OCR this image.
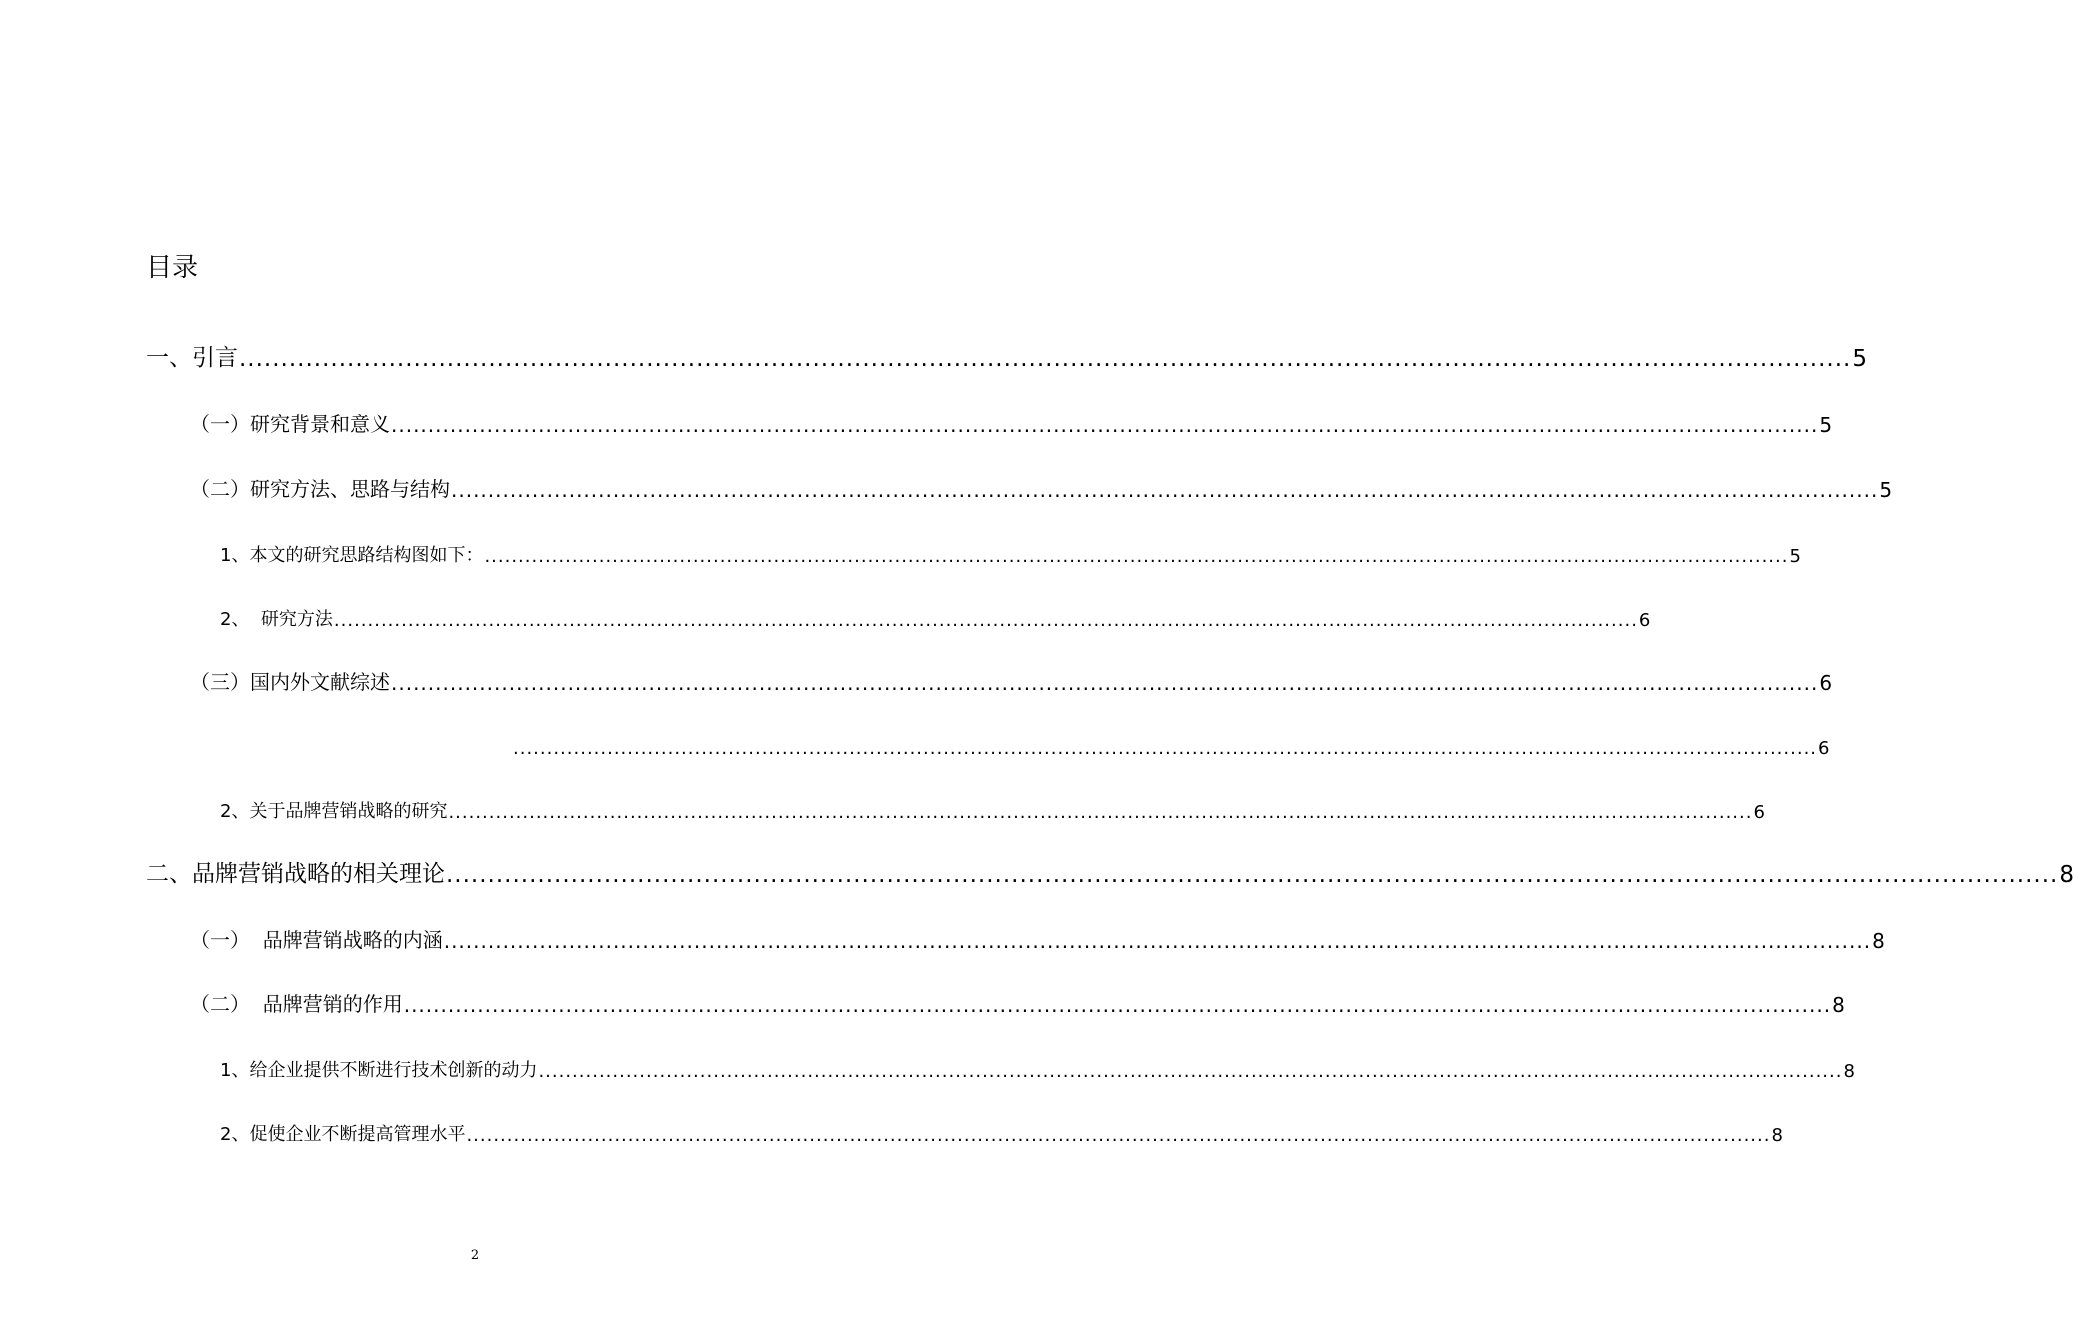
目录
一、引言 .................................................................................................................................................................................................. 5
（一）研究背景和意义 .................................................................................................................................................................................................. 5
（二）研究方法、思路与结构 .................................................................................................................................................................................................. 5
1、本文的研究思路结构图如下： .................................................................................................................................................................................................. 5
2、  研究方法 .................................................................................................................................................................................................. 6
（三）国内外文献综述 .................................................................................................................................................................................................. 6
.................................................................................................................................................................................................. 6
2、关于品牌营销战略的研究 .................................................................................................................................................................................................. 6
二、品牌营销战略的相关理论 .................................................................................................................................................................................................. 8
（一）  品牌营销战略的内涵 .................................................................................................................................................................................................. 8
（二）  品牌营销的作用 .................................................................................................................................................................................................. 8
1、给企业提供不断进行技术创新的动力 .................................................................................................................................................................................................. 8
2、促使企业不断提高管理水平 .................................................................................................................................................................................................. 8
2
